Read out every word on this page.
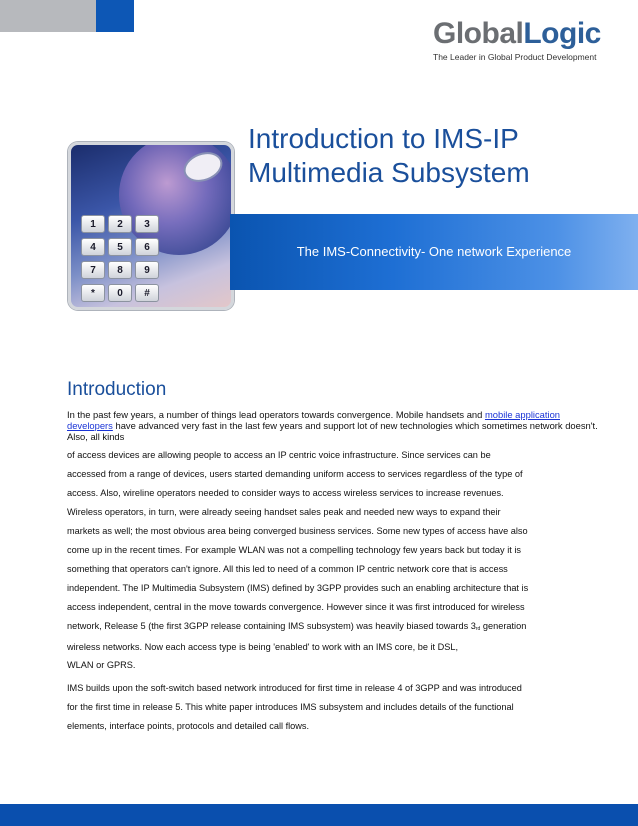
GlobalLogic
The Leader in Global Product Development
1	2	3
4	5	6
7	8	9
*	0	#
Introduction to IMS-IP
Multimedia Subsystem
The IMS-Connectivity- One network Experience
Introduction
In the past few years, a number of things lead operators towards convergence. Mobile handsets and mobile application developers have advanced very fast in the last few years and support lot of new technologies which sometimes network doesn't. Also, all kinds
of access devices are allowing people to access an IP centric voice infrastructure. Since services can be
accessed from a range of devices, users started demanding uniform access to services regardless of the type of
access. Also, wireline operators needed to consider ways to access wireless services to increase revenues.
Wireless operators, in turn, were already seeing handset sales peak and needed new ways to expand their
markets as well; the most obvious area being converged business services. Some new types of access have also
come up in the recent times. For example WLAN was not a compelling technology few years back but today it is
something that operators can't ignore. All this led to need of a common IP centric network core that is access
independent. The IP Multimedia Subsystem (IMS) defined by 3GPP provides such an enabling architecture that is
access independent, central in the move towards convergence. However since it was first introduced for wireless
network, Release 5 (the first 3GPP release containing IMS subsystem) was heavily biased towards $3_{rd}$ generation
wireless networks. Now each access type is being 'enabled' to work with an IMS core, be it DSL,
WLAN or GPRS.
IMS builds upon the soft-switch based network introduced for first time in release 4 of 3GPP and was introduced
for the first time in release 5. This white paper introduces IMS subsystem and includes details of the functional
elements, interface points, protocols and detailed call flows.
